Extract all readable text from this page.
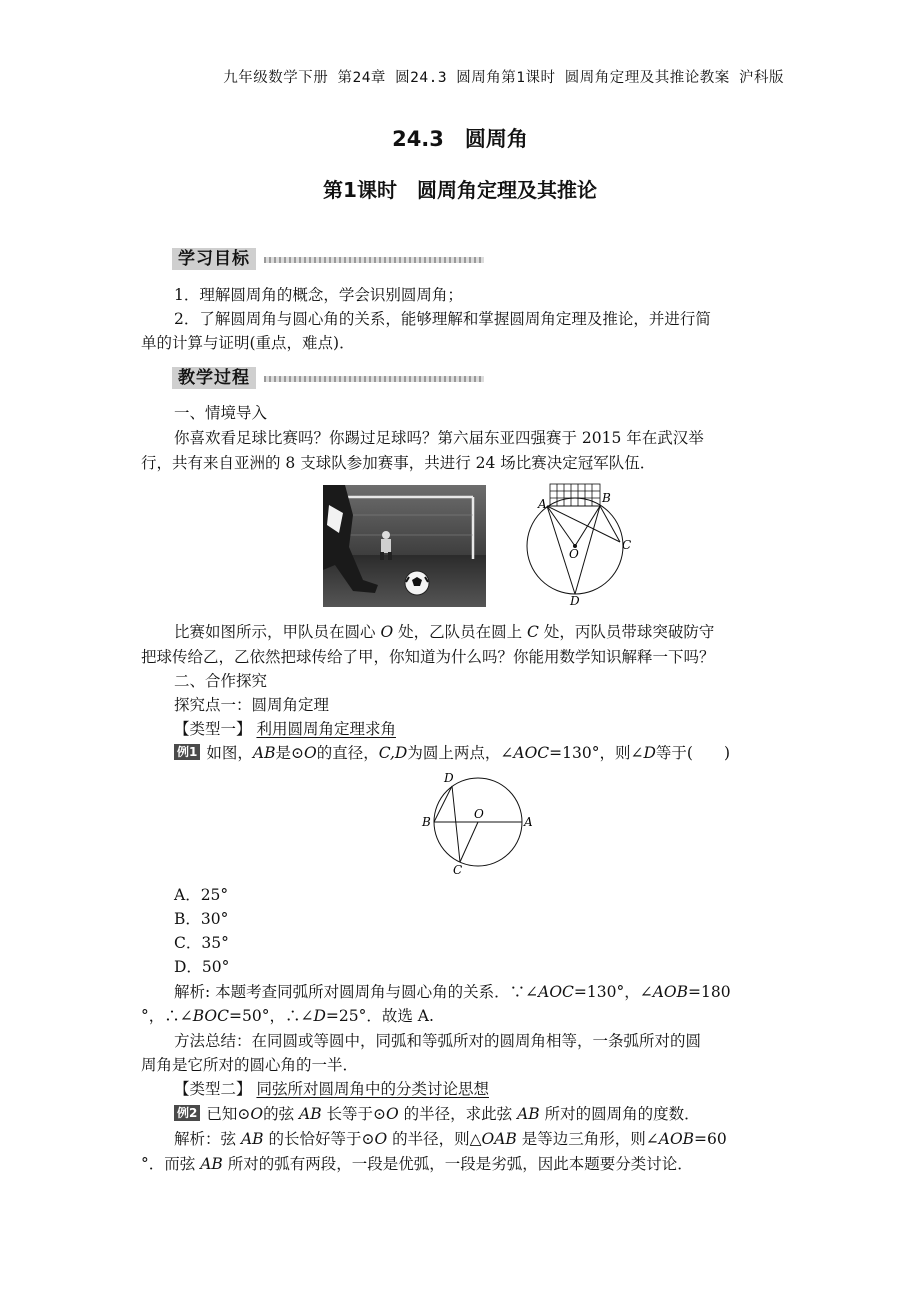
九年级数学下册 第24章 圆24.3 圆周角第1课时 圆周角定理及其推论教案 沪科版
24.3　圆周角
第1课时　圆周角定理及其推论
学习目标
1．理解圆周角的概念，学会识别圆周角；
2．了解圆周角与圆心角的关系，能够理解和掌握圆周角定理及推论，并进行简
单的计算与证明(重点，难点)．
教学过程
一、情境导入
你喜欢看足球比赛吗？你踢过足球吗？第六届东亚四强赛于 2015 年在武汉举
行，共有来自亚洲的 8 支球队参加赛事，共进行 24 场比赛决定冠军队伍．
A	B
C
D
O
比赛如图所示，甲队员在圆心 O 处，乙队员在圆上 C 处，丙队员带球突破防守
把球传给乙，乙依然把球传给了甲，你知道为什么吗？你能用数学知识解释一下吗？
二、合作探究
探究点一：圆周角定理
【类型一】 利用圆周角定理求角
例1 如图，AB是⊙O的直径，C,D为圆上两点，∠AOC=130°，则∠D等于(　　)
D
B
O
A
C
A．25°
B．30°
C．35°
D．50°
解析: 本题考查同弧所对圆周角与圆心角的关系．∵∠AOC=130°，∠AOB=180
°，∴∠BOC=50°，∴∠D=25°．故选 A.
方法总结：在同圆或等圆中，同弧和等弧所对的圆周角相等，一条弧所对的圆
周角是它所对的圆心角的一半．
【类型二】 同弦所对圆周角中的分类讨论思想
例2 已知⊙O的弦 AB 长等于⊙O 的半径，求此弦 AB 所对的圆周角的度数．
解析：弦 AB 的长恰好等于⊙O 的半径，则△OAB 是等边三角形，则∠AOB=60
°．而弦 AB 所对的弧有两段，一段是优弧，一段是劣弧，因此本题要分类讨论．
